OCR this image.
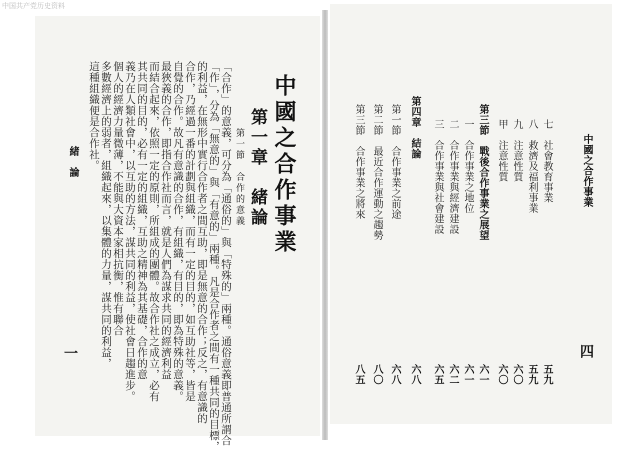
中国共产党历史资料
中國之合作事業
第一章　緒論
第一節　合作的意義
「合作」的意義，可分為「通俗的」與「特殊的」兩種。通俗意義即普通所謂合
「作」，分為「無意的」與「有意的」兩種。凡是合作者之間有一種共同的目標，
的利益，在無形中實行合作者之間互助，即是無意的合作；反之，有意識的
合作，乃經過一番的計劃與組織，而有一定的目的，如互助社等，皆是
自覺的合作。故凡有意識的合作，有組織，有目的，即為特殊的意義。
最狹義的合作，即指合作社而言，就是人們為謀求共同的經濟利益
而結合起來，依照一定的原則，所組成的團體。故合作社之成立，必有
其共同的目的，必有一定的組織，互助之精神為其基礎，合作的意
義乃在人類社會中，以互助的方法，謀共同的利益，使社會日趨進步。
個人的經濟力量微薄，不能與大資本家相抗衡，惟有聯合
多數經濟上的弱者，組織起來，以集體的力量，謀共同的利益，
這種組織便是合作社。
緒　論
一
中國之合作事業
四
七　社會教育事業
五九
八　救濟及福利事業
五九
九　注意性質
六〇
甲　注意性質
六〇
第三節　戰後合作事業之展望
六一
一　合作事業之地位
六一
二　合作事業與經濟建設
六二
三　合作事業與社會建設
六五
第四章　結論
六八
第一節　合作事業之前途
六八
第二節　最近合作運動之趨勢
八〇
第三節　合作事業之將來
八五
